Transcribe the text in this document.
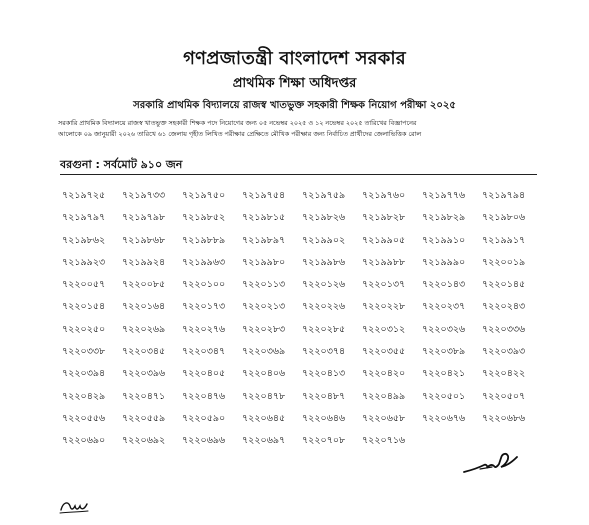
গণপ্রজাতন্ত্রী বাংলাদেশ সরকার
প্রাথমিক শিক্ষা অধিদপ্তর
সরকারি প্রাথমিক বিদ্যালয়ে রাজস্ব খাতভুক্ত সহকারী শিক্ষক নিয়োগ পরীক্ষা ২০২৫
সরকারি প্রাথমিক বিদ্যালয়ে রাজস্ব খাতভুক্ত সহকারী শিক্ষক পদে নিয়োগের জন্য ০৫ নভেম্বর ২০২৫ ও ১২ নভেম্বর ২০২৫ তারিখের বিজ্ঞাপনের
আলোকে ০৯ জানুয়ারী ২০২৬ তারিখে ৬১ জেলায় গৃহীত লিখিত পরীক্ষার প্রেক্ষিতে মৌখিক পরীক্ষার জন্য নির্বাচিত প্রার্থীদের জেলাভিত্তিক রোল
বরগুনা : সর্বমোট ৯১০ জন
৭২১৯৭২৫	৭২১৯৭৩৩	৭২১৯৭৫০	৭২১৯৭৫৪	৭২১৯৭৫৯	৭২১৯৭৬০	৭২১৯৭৭৬	৭২১৯৭৯৪
৭২১৯৭৯৭	৭২১৯৭৯৮	৭২১৯৮৫২	৭২১৯৮১৫	৭২১৯৮২৬	৭২১৯৮২৮	৭২১৯৮২৯	৭২১৯৮০৬
৭২১৯৮৬২	৭২১৯৮৬৮	৭২১৯৮৮৯	৭২১৯৮৯৭	৭২১৯৯০২	৭২১৯৯০৫	৭২১৯৯১০	৭২১৯৯১৭
৭২১৯৯২৩	৭২১৯৯২৪	৭২১৯৯৬৩	৭২১৯৯৮০	৭২১৯৯৮৬	৭২১৯৯৮৮	৭২১৯৯৯০	৭২২০০১৯
৭২২০০৫৭	৭২২০০৮৫	৭২২০১০০	৭২২০১১৩	৭২২০১২৬	৭২২০১৩৭	৭২২০১৪৩	৭২২০১৪৫
৭২২০১৫৪	৭২২০১৬৪	৭২২০১৭৩	৭২২০২১৩	৭২২০২২৬	৭২২০২২৮	৭২২০২৩৭	৭২২০২৪৩
৭২২০২৫০	৭২২০২৬৯	৭২২০২৭৬	৭২২০২৮৩	৭২২০২৮৫	৭২২০৩১২	৭২২০৩২৬	৭২২০৩৩৬
৭২২০৩৩৮	৭২২০৩৪৫	৭২২০৩৪৭	৭২২০৩৬৯	৭২২০৩৭৪	৭২২০৩৫৫	৭২২০৩৮৯	৭২২০৩৯৩
৭২২০৩৯৪	৭২২০৩৯৬	৭২২০৪০৫	৭২২০৪০৬	৭২২০৪১৩	৭২২০৪২০	৭২২০৪২১	৭২২০৪২২
৭২২০৪২৯	৭২২০৪৭১	৭২২০৪৭৬	৭২২০৪৭৮	৭২২০৪৮৭	৭২২০৪৯৯	৭২২০৫০১	৭২২০৫০৭
৭২২০৫৫৬	৭২২০৫৫৯	৭২২০৫৯০	৭২২০৬৪৫	৭২২০৬৪৬	৭২২০৬৫৮	৭২২০৬৭৬	৭২২০৬৮৬
৭২২০৬৯০	৭২২০৬৯২	৭২২০৬৯৬	৭২২০৬৯৭	৭২২০৭০৮	৭২২০৭১৬
